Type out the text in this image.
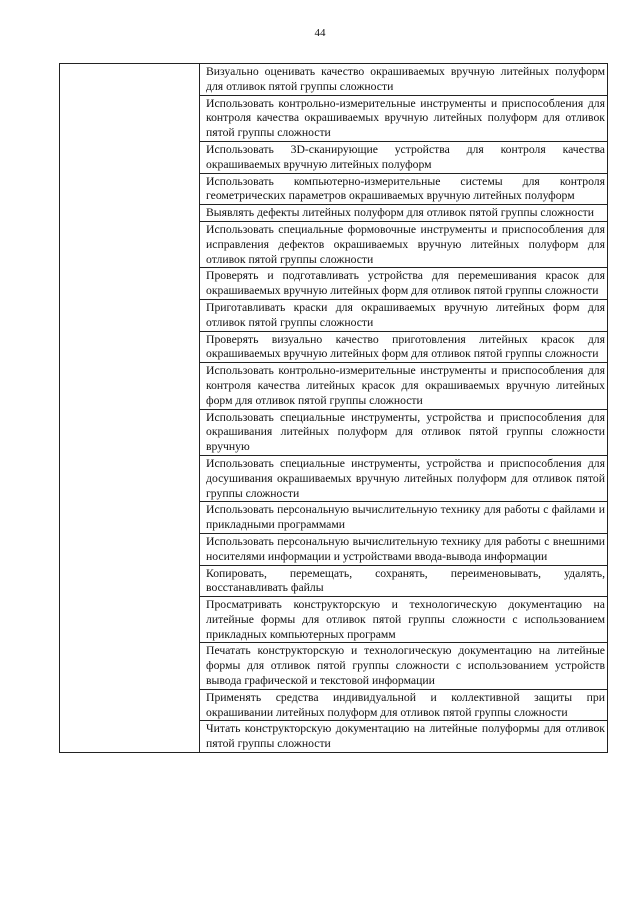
44
	Визуально оценивать качество окрашиваемых вручную литейных полуформ для отливок пятой группы сложности
Использовать контрольно-измерительные инструменты и приспособления для контроля качества окрашиваемых вручную литейных полуформ для отливок пятой группы сложности
Использовать 3D-сканирующие устройства для контроля качества окрашиваемых вручную литейных полуформ
Использовать компьютерно-измерительные системы для контроля геометрических параметров окрашиваемых вручную литейных полуформ
Выявлять дефекты литейных полуформ для отливок пятой группы сложности
Использовать специальные формовочные инструменты и приспособления для исправления дефектов окрашиваемых вручную литейных полуформ для отливок пятой группы сложности
Проверять и подготавливать устройства для перемешивания красок для окрашиваемых вручную литейных форм для отливок пятой группы сложности
Приготавливать краски для окрашиваемых вручную литейных форм для отливок пятой группы сложности
Проверять визуально качество приготовления литейных красок для окрашиваемых вручную литейных форм для отливок пятой группы сложности
Использовать контрольно-измерительные инструменты и приспособления для контроля качества литейных красок для окрашиваемых вручную литейных форм для отливок пятой группы сложности
Использовать специальные инструменты, устройства и приспособления для окрашивания литейных полуформ для отливок пятой группы сложности вручную
Использовать специальные инструменты, устройства и приспособления для досушивания окрашиваемых вручную литейных полуформ для отливок пятой группы сложности
Использовать персональную вычислительную технику для работы с файлами и прикладными программами
Использовать персональную вычислительную технику для работы с внешними носителями информации и устройствами ввода-вывода информации
Копировать, перемещать, сохранять, переименовывать, удалять, восстанавливать файлы
Просматривать конструкторскую и технологическую документацию на литейные формы для отливок пятой группы сложности с использованием прикладных компьютерных программ
Печатать конструкторскую и технологическую документацию на литейные формы для отливок пятой группы сложности с использованием устройств вывода графической и текстовой информации
Применять средства индивидуальной и коллективной защиты при окрашивании литейных полуформ для отливок пятой группы сложности
Читать конструкторскую документацию на литейные полуформы для отливок пятой группы сложности
